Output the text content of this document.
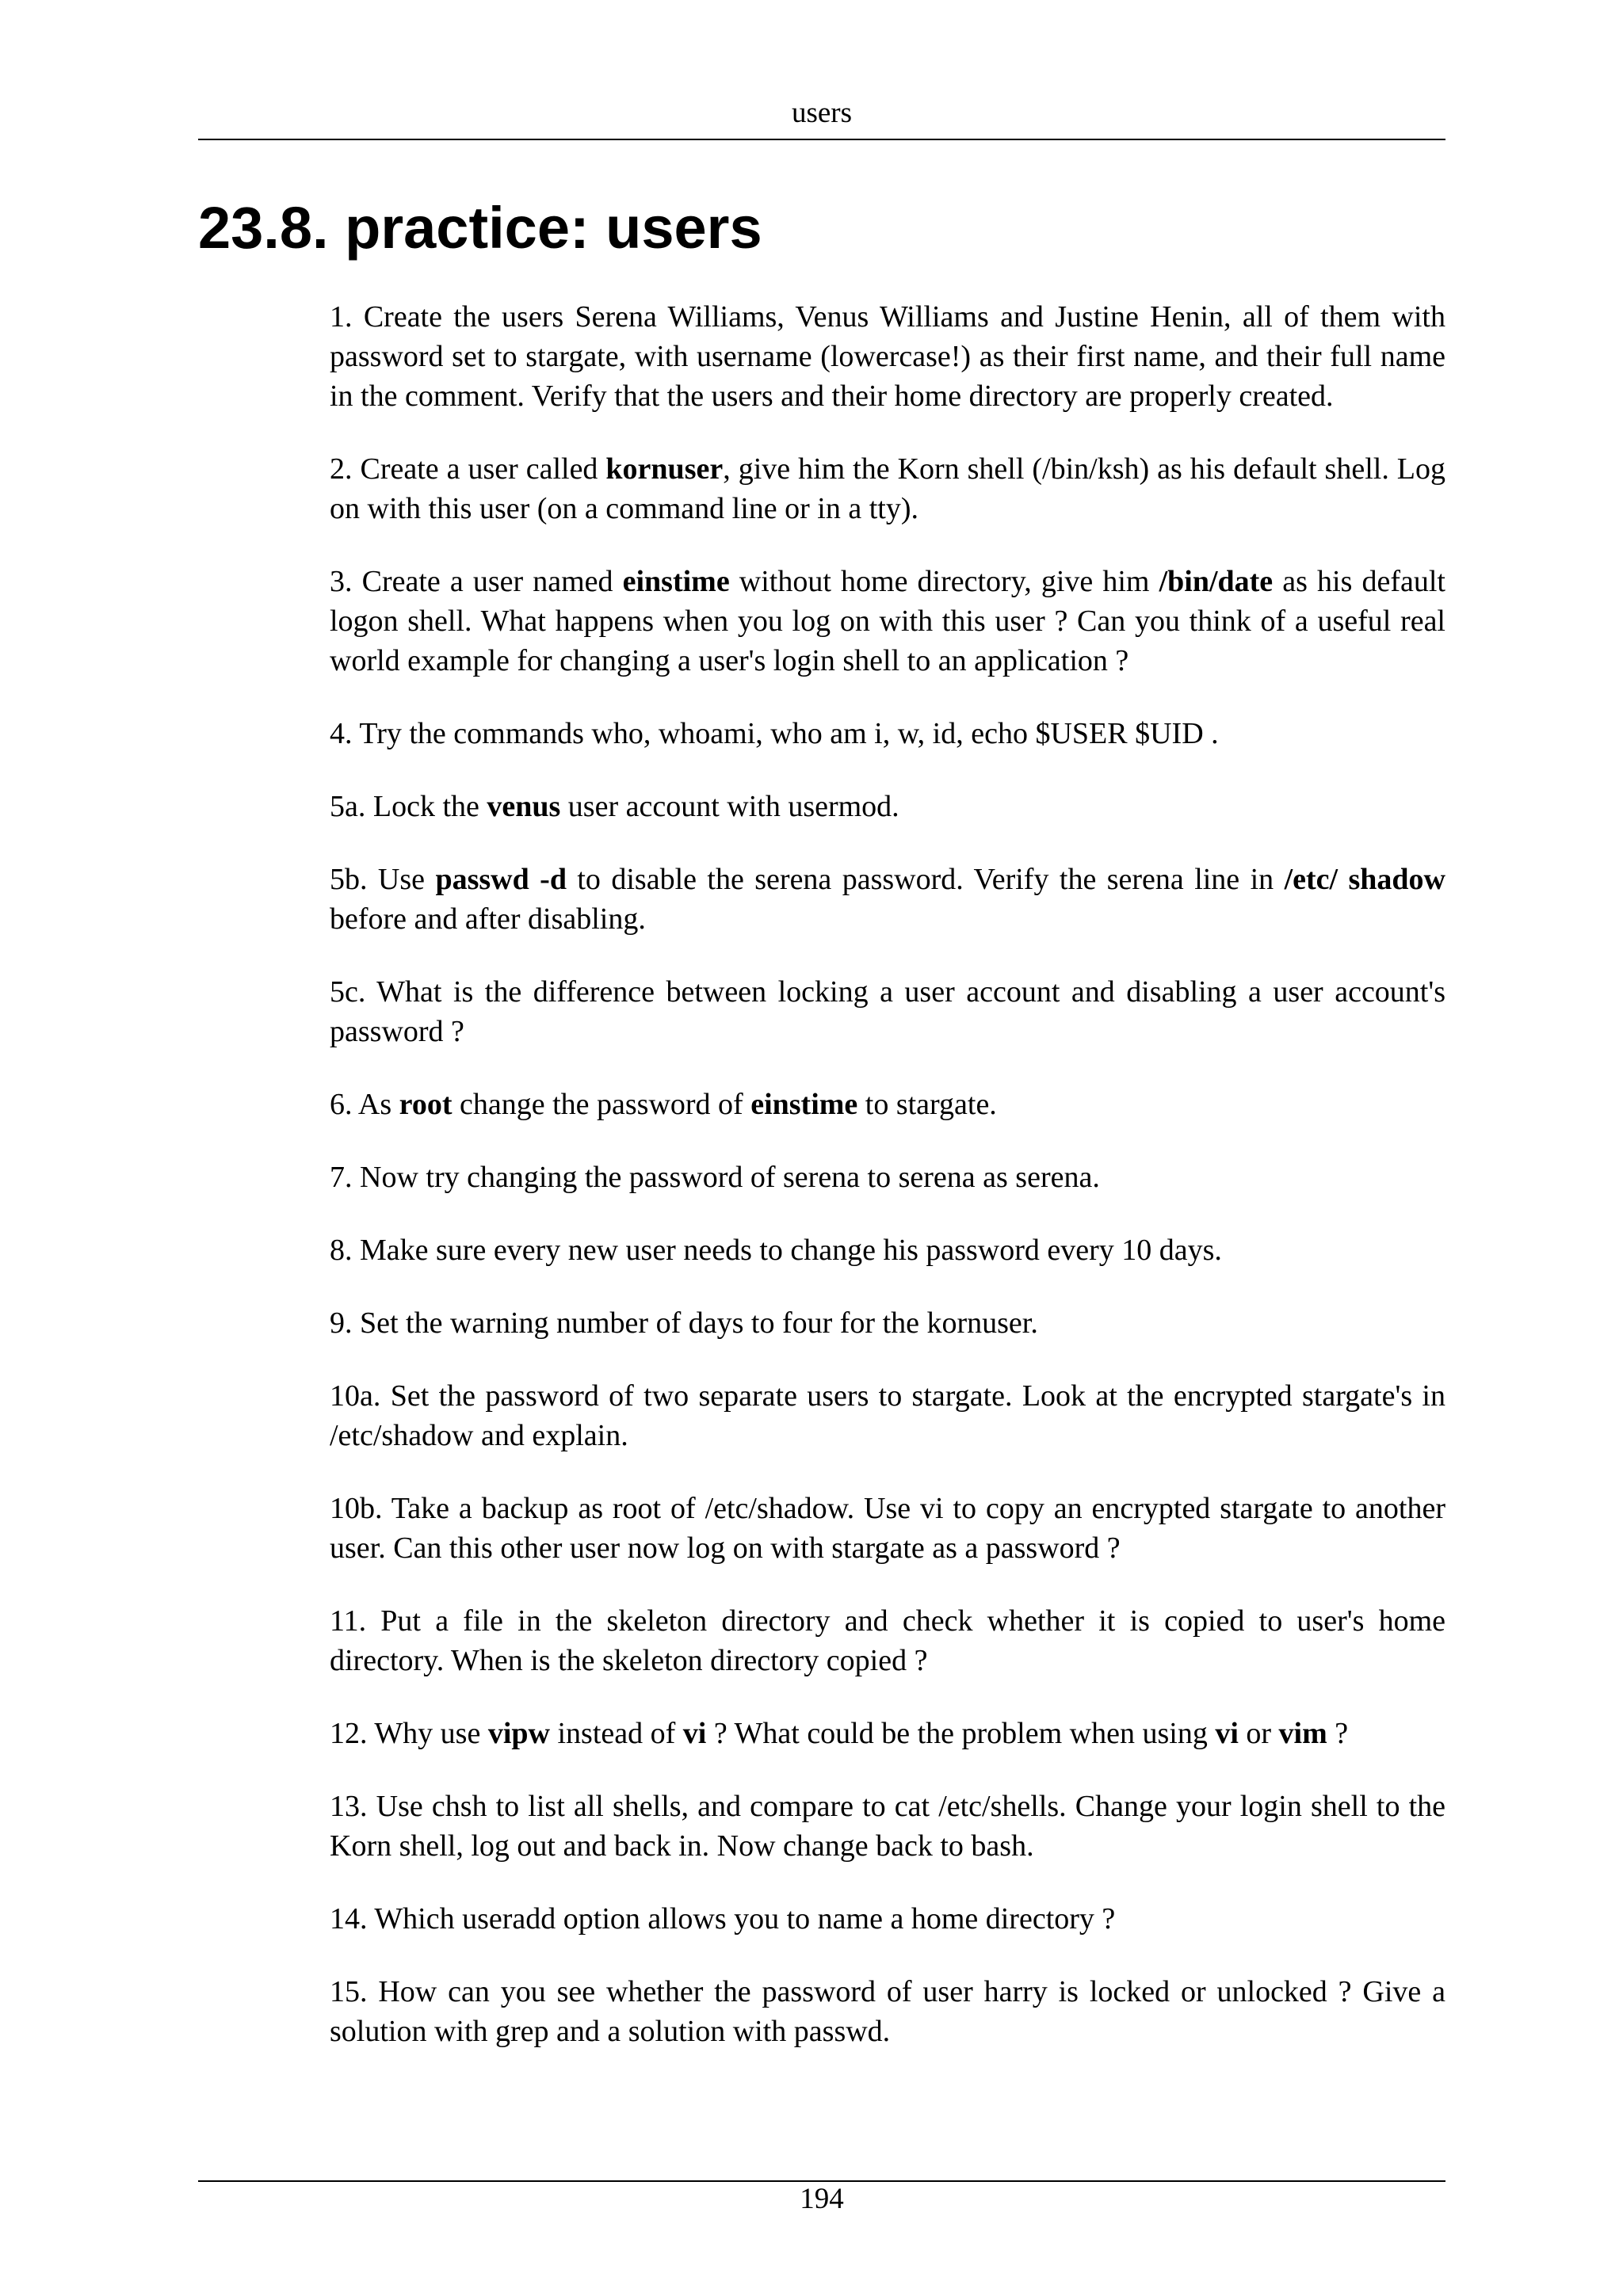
users
23.8. practice: users

1. Create the users Serena Williams, Venus Williams and Justine Henin, all of them with password set to stargate, with username (lowercase!) as their first name, and their full name in the comment. Verify that the users and their home directory are properly created.

2. Create a user called kornuser, give him the Korn shell (/bin/ksh) as his default shell. Log on with this user (on a command line or in a tty).

3. Create a user named einstime without home directory, give him /bin/date as his default logon shell. What happens when you log on with this user ? Can you think of a useful real world example for changing a user's login shell to an application ?

4. Try the commands who, whoami, who am i, w, id, echo $USER $UID .

5a. Lock the venus user account with usermod.

5b. Use passwd -d to disable the serena password. Verify the serena line in /etc/ shadow before and after disabling.

5c. What is the difference between locking a user account and disabling a user account's password ?

6. As root change the password of einstime to stargate.

7. Now try changing the password of serena to serena as serena.

8. Make sure every new user needs to change his password every 10 days.

9. Set the warning number of days to four for the kornuser.

10a. Set the password of two separate users to stargate. Look at the encrypted stargate's in /etc/shadow and explain.

10b. Take a backup as root of /etc/shadow. Use vi to copy an encrypted stargate to another user. Can this other user now log on with stargate as a password ?

11. Put a file in the skeleton directory and check whether it is copied to user's home directory. When is the skeleton directory copied ?

12. Why use vipw instead of vi ? What could be the problem when using vi or vim ?

13. Use chsh to list all shells, and compare to cat /etc/shells. Change your login shell to the Korn shell, log out and back in. Now change back to bash.

14. Which useradd option allows you to name a home directory ?

15. How can you see whether the password of user harry is locked or unlocked ? Give a solution with grep and a solution with passwd.

194
